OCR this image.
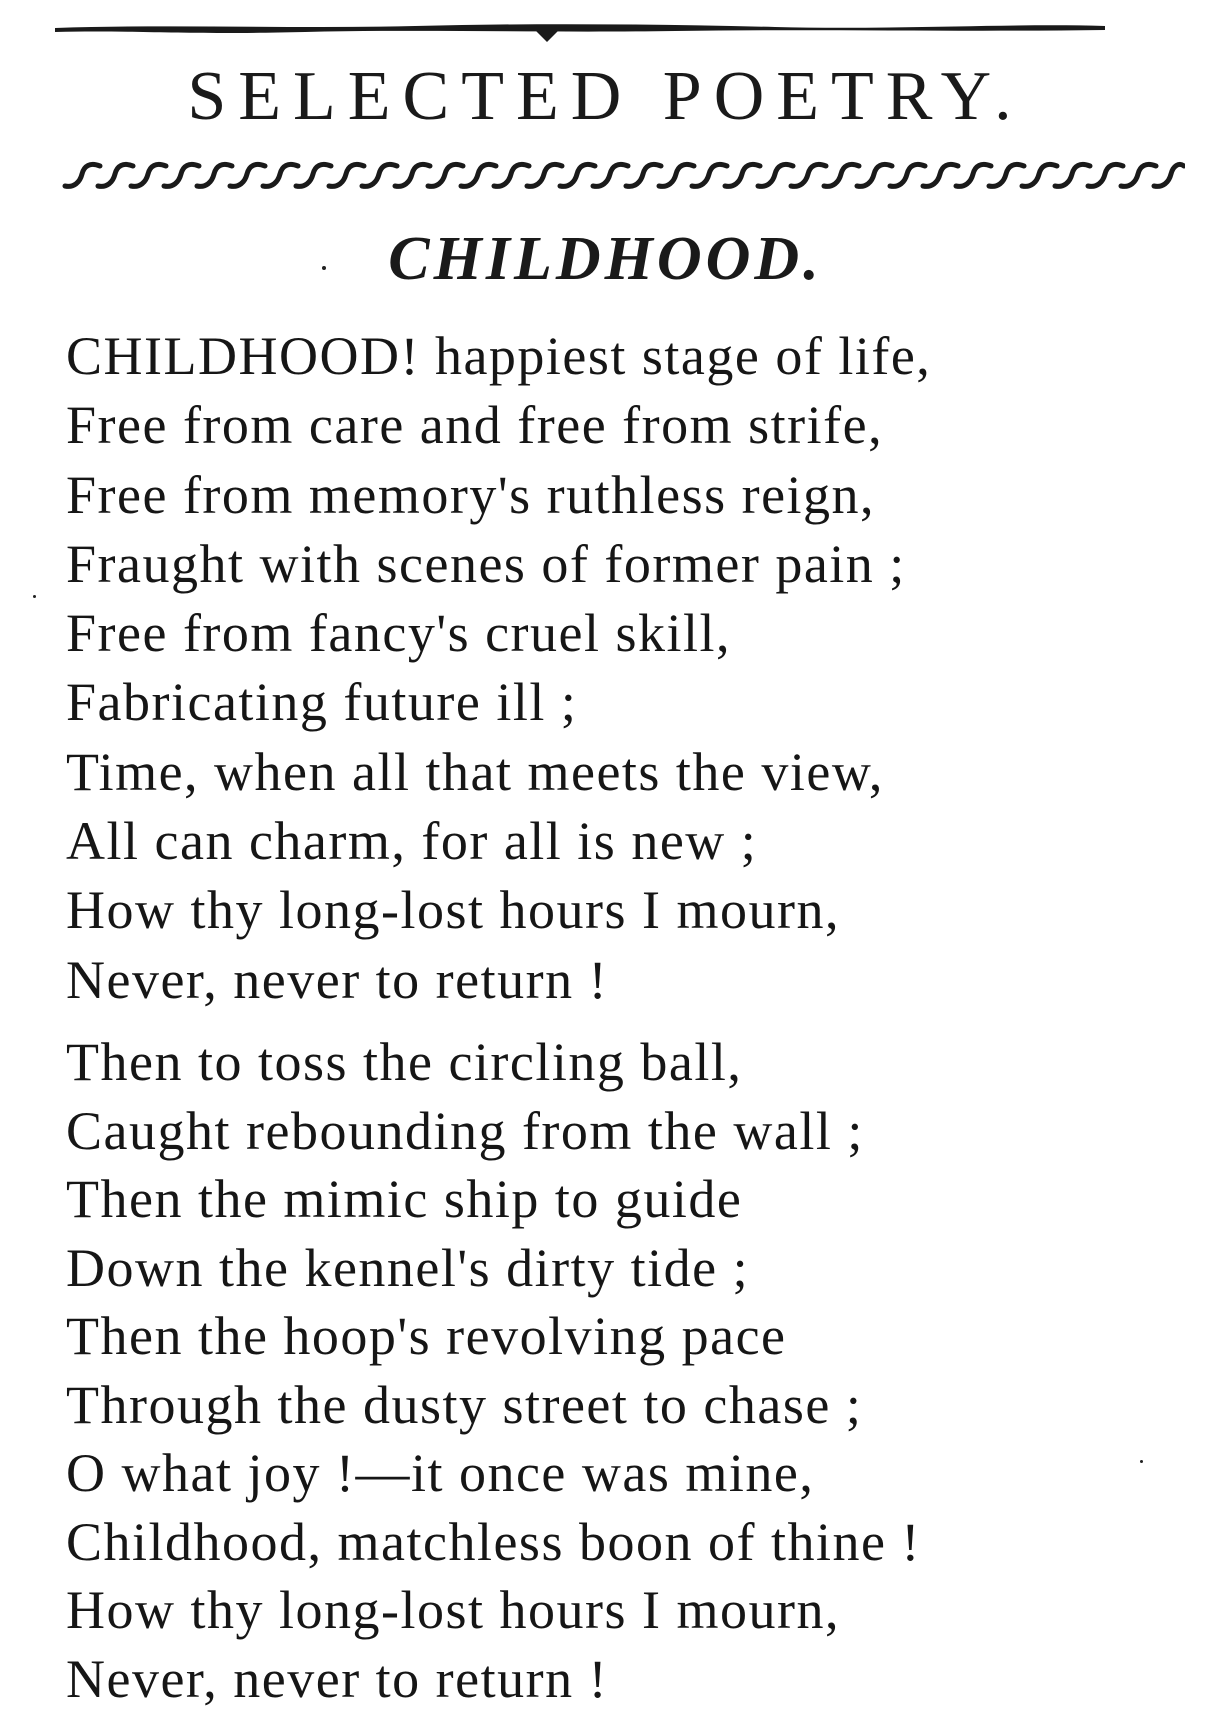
SELECTED POETRY.
CHILDHOOD.
CHILDHOOD! happiest stage of life,
Free from care and free from strife,
Free from memory's ruthless reign,
Fraught with scenes of former pain ;
Free from fancy's cruel skill,
Fabricating future ill ;
Time, when all that meets the view,
All can charm, for all is new ;
How thy long-lost hours I mourn,
Never, never to return !
Then to toss the circling ball,
Caught rebounding from the wall ;
Then the mimic ship to guide
Down the kennel's dirty tide ;
Then the hoop's revolving pace
Through the dusty street to chase ;
O what joy !—it once was mine,
Childhood, matchless boon of thine !
How thy long-lost hours I mourn,
Never, never to return !
